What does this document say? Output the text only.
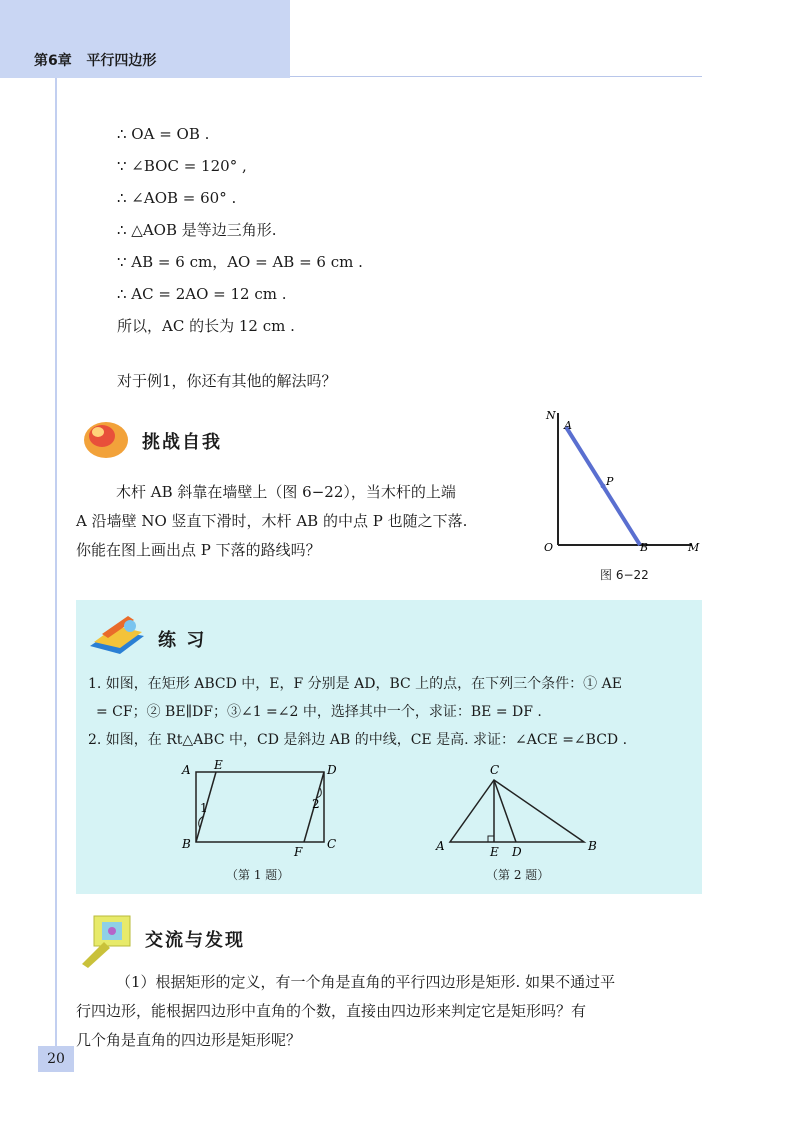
第6章 平行四边形
∴ OA = OB .
∵ ∠BOC = 120° ,
∴ ∠AOB = 60° .
∴ △AOB 是等边三角形.
∵ AB = 6 cm，AO = AB = 6 cm .
∴ AC = 2AO = 12 cm .
所以，AC 的长为 12 cm .
对于例1，你还有其他的解法吗？
挑战自我
木杆 AB 斜靠在墙壁上（图 6−22），当木杆的上端
A 沿墙壁 NO 竖直下滑时，木杆 AB 的中点 P 也随之下落.
你能在图上画出点 P 下落的路线吗？
N
A
P
O	B	M
图 6−22
练 习
1. 如图，在矩形 ABCD 中，E，F 分别是 AD，BC 上的点，在下列三个条件：① AE
= CF；② BE∥DF；③∠1 =∠2 中，选择其中一个，求证：BE = DF .
2. 如图，在 Rt△ABC 中，CD 是斜边 AB 的中线，CE 是高. 求证：∠ACE =∠BCD .
A E	D
B
F
C
1	2
（第 1 题）
C
A	E D	B
（第 2 题）
交流与发现
（1）根据矩形的定义，有一个角是直角的平行四边形是矩形. 如果不通过平
行四边形，能根据四边形中直角的个数，直接由四边形来判定它是矩形吗？有
几个角是直角的四边形是矩形呢？
20
